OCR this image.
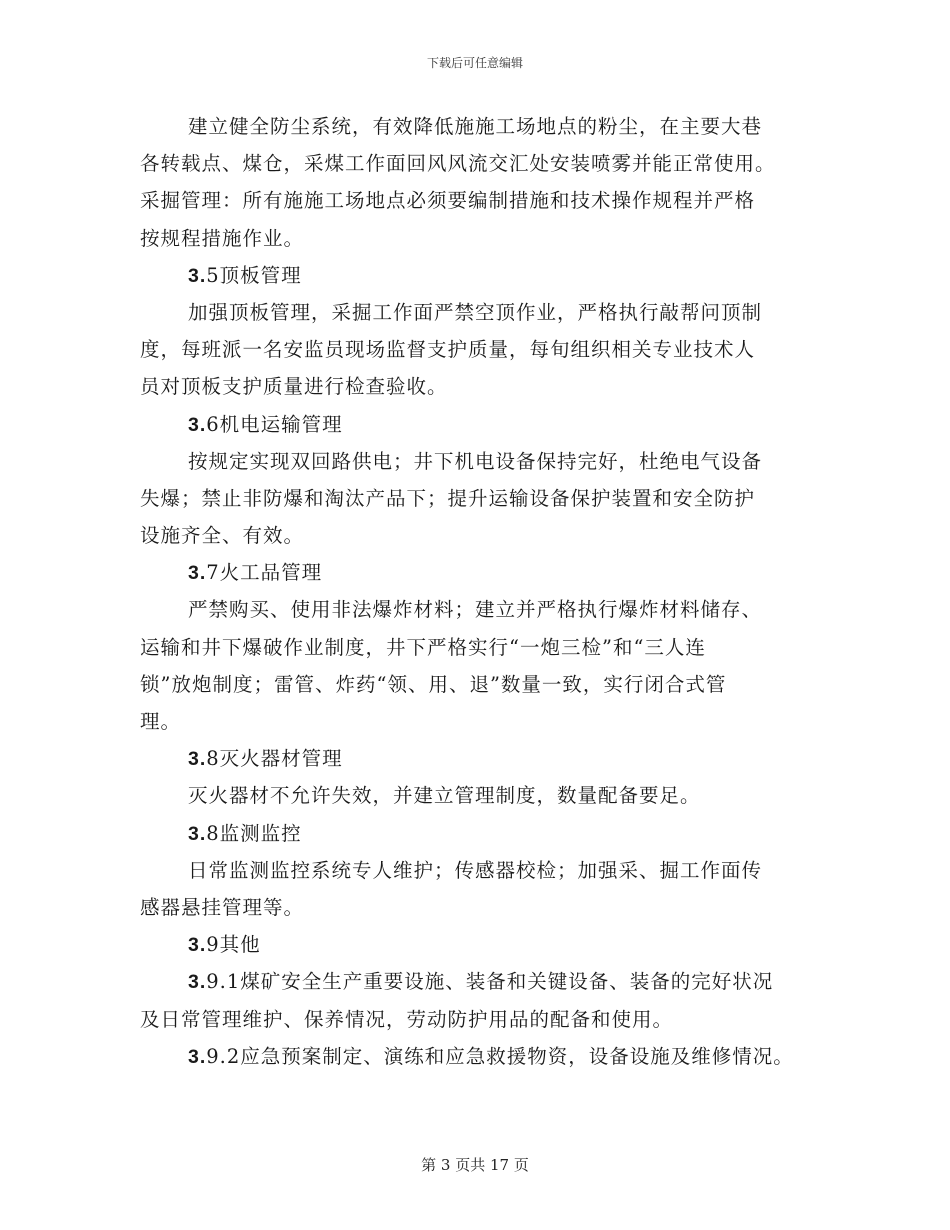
下载后可任意编辑
建立健全防尘系统，有效降低施施工场地点的粉尘，在主要大巷
各转载点、煤仓，采煤工作面回风风流交汇处安装喷雾并能正常使用。
采掘管理：所有施施工场地点必须要编制措施和技术操作规程并严格
按规程措施作业。
3.5顶板管理
加强顶板管理，采掘工作面严禁空顶作业，严格执行敲帮问顶制
度，每班派一名安监员现场监督支护质量，每旬组织相关专业技术人
员对顶板支护质量进行检查验收。
3.6机电运输管理
按规定实现双回路供电；井下机电设备保持完好，杜绝电气设备
失爆；禁止非防爆和淘汰产品下；提升运输设备保护装置和安全防护
设施齐全、有效。
3.7火工品管理
严禁购买、使用非法爆炸材料；建立并严格执行爆炸材料储存、
运输和井下爆破作业制度，井下严格实行“一炮三检”和“三人连
锁”放炮制度；雷管、炸药“领、用、退”数量一致，实行闭合式管
理。
3.8灭火器材管理
灭火器材不允许失效，并建立管理制度，数量配备要足。
3.8监测监控
日常监测监控系统专人维护；传感器校检；加强采、掘工作面传
感器悬挂管理等。
3.9其他
3.9.1煤矿安全生产重要设施、装备和关键设备、装备的完好状况
及日常管理维护、保养情况，劳动防护用品的配备和使用。
3.9.2应急预案制定、演练和应急救援物资，设备设施及维修情况。
第 3 页共 17 页
